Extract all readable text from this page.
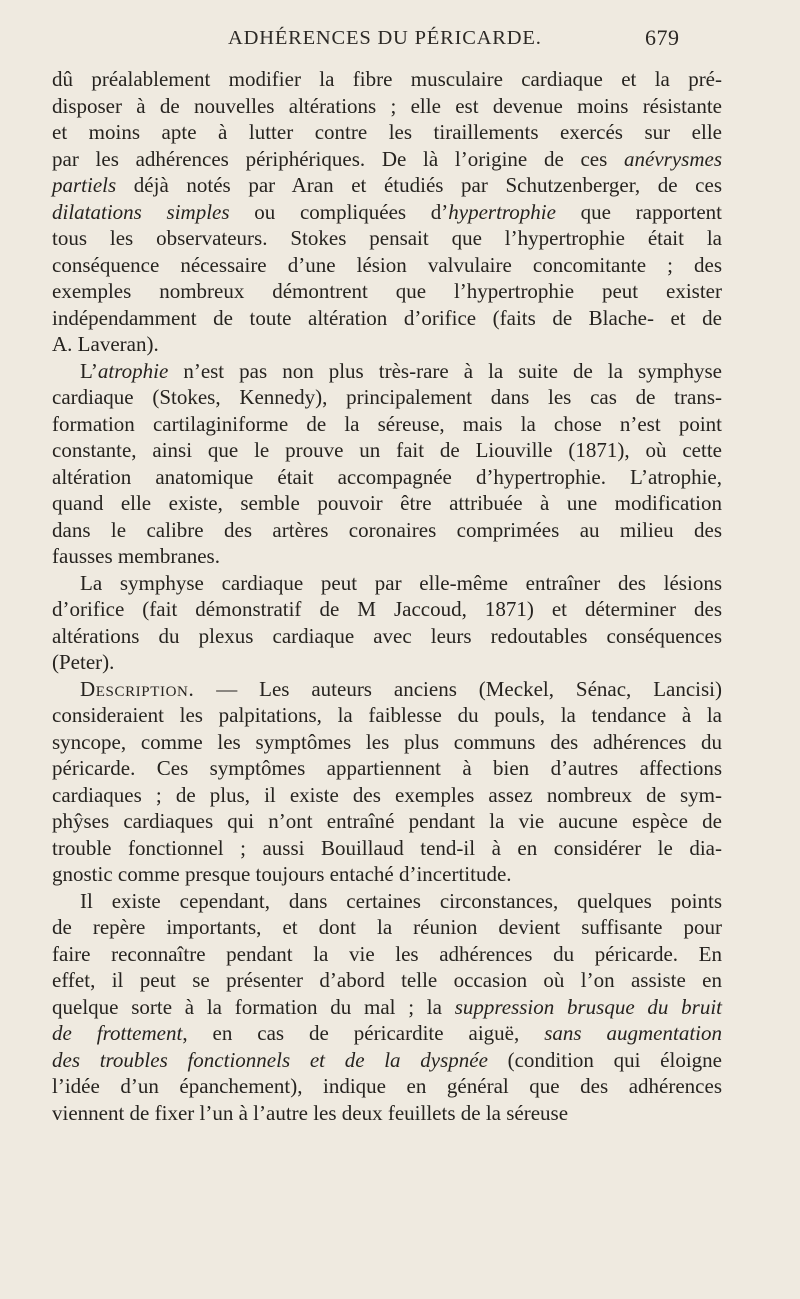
ADHÉRENCES DU PÉRICARDE.	679
dû préalablement modifier la fibre musculaire cardiaque et la pré-
disposer à de nouvelles altérations ; elle est devenue moins résistante
et moins apte à lutter contre les tiraillements exercés sur elle
par les adhérences périphériques. De là l’origine de ces anévrysmes
partiels déjà notés par Aran et étudiés par Schutzenberger, de ces
dilatations simples ou compliquées d’hypertrophie que rapportent
tous les observateurs. Stokes pensait que l’hypertrophie était la
conséquence nécessaire d’une lésion valvulaire concomitante ; des
exemples nombreux démontrent que l’hypertrophie peut exister
indépendamment de toute altération d’orifice (faits de Blache- et de
A. Laveran).
L’atrophie n’est pas non plus très-rare à la suite de la symphyse
cardiaque (Stokes, Kennedy), principalement dans les cas de trans-
formation cartilaginiforme de la séreuse, mais la chose n’est point
constante, ainsi que le prouve un fait de Liouville (1871), où cette
altération anatomique était accompagnée d’hypertrophie. L’atrophie,
quand elle existe, semble pouvoir être attribuée à une modification
dans le calibre des artères coronaires comprimées au milieu des
fausses membranes.
La symphyse cardiaque peut par elle-même entraîner des lésions
d’orifice (fait démonstratif de M Jaccoud, 1871) et déterminer des
altérations du plexus cardiaque avec leurs redoutables conséquences
(Peter).
Description. — Les auteurs anciens (Meckel, Sénac, Lancisi)
consideraient les palpitations, la faiblesse du pouls, la tendance à la
syncope, comme les symptômes les plus communs des adhérences du
péricarde. Ces symptômes appartiennent à bien d’autres affections
cardiaques ; de plus, il existe des exemples assez nombreux de sym-
phŷses cardiaques qui n’ont entraîné pendant la vie aucune espèce de
trouble fonctionnel ; aussi Bouillaud tend-il à en considérer le dia-
gnostic comme presque toujours entaché d’incertitude.
Il existe cependant, dans certaines circonstances, quelques points
de repère importants, et dont la réunion devient suffisante pour
faire reconnaître pendant la vie les adhérences du péricarde. En
effet, il peut se présenter d’abord telle occasion où l’on assiste en
quelque sorte à la formation du mal ; la suppression brusque du bruit
de frottement, en cas de péricardite aiguë, sans augmentation
des troubles fonctionnels et de la dyspnée (condition qui éloigne
l’idée d’un épanchement), indique en général que des adhérences
viennent de fixer l’un à l’autre les deux feuillets de la séreuse
